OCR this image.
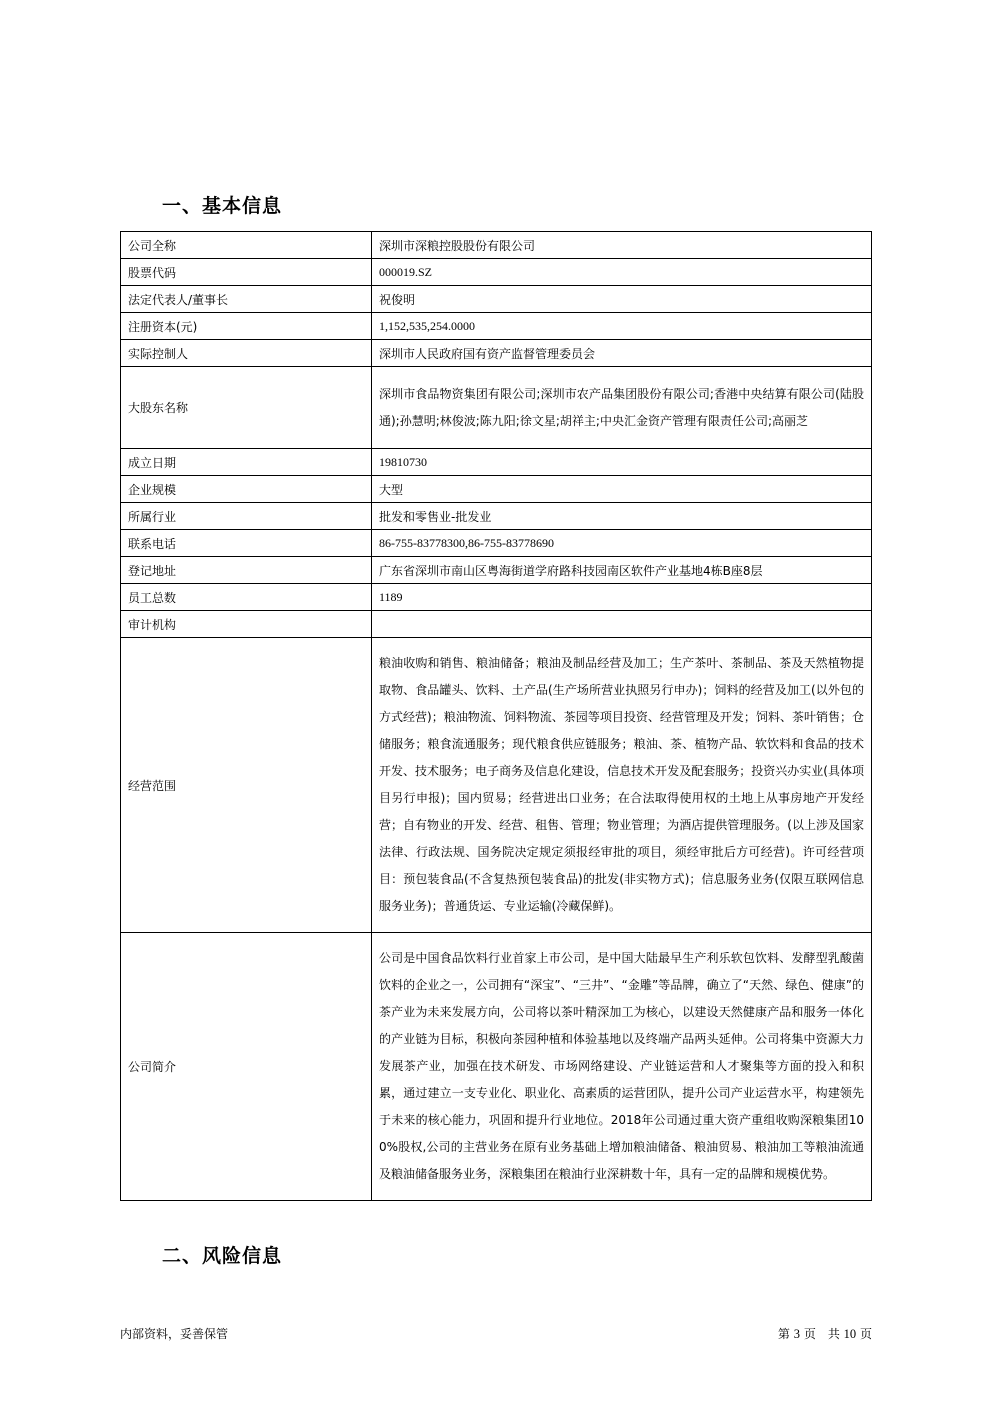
一、基本信息
公司全称	深圳市深粮控股股份有限公司
股票代码	000019.SZ
法定代表人/董事长	祝俊明
注册资本(元)	1,152,535,254.0000
实际控制人	深圳市人民政府国有资产监督管理委员会
大股东名称	深圳市食品物资集团有限公司;深圳市农产品集团股份有限公司;香港中央结算有限公司(陆股通);孙慧明;林俊波;陈九阳;徐文星;胡祥主;中央汇金资产管理有限责任公司;高丽芝
成立日期	19810730
企业规模	大型
所属行业	批发和零售业-批发业
联系电话	86-755-83778300,86-755-83778690
登记地址	广东省深圳市南山区粤海街道学府路科技园南区软件产业基地4栋B座8层
员工总数	1189
审计机构	
经营范围	粮油收购和销售、粮油储备；粮油及制品经营及加工；生产茶叶、茶制品、茶及天然植物提取物、食品罐头、饮料、土产品(生产场所营业执照另行申办)；饲料的经营及加工(以外包的方式经营)；粮油物流、饲料物流、茶园等项目投资、经营管理及开发；饲料、茶叶销售；仓储服务；粮食流通服务；现代粮食供应链服务；粮油、茶、植物产品、软饮料和食品的技术开发、技术服务；电子商务及信息化建设，信息技术开发及配套服务；投资兴办实业(具体项目另行申报)；国内贸易；经营进出口业务；在合法取得使用权的土地上从事房地产开发经营；自有物业的开发、经营、租售、管理；物业管理；为酒店提供管理服务。(以上涉及国家法律、行政法规、国务院决定规定须报经审批的项目，须经审批后方可经营)。许可经营项目：预包装食品(不含复热预包装食品)的批发(非实物方式)；信息服务业务(仅限互联网信息服务业务)；普通货运、专业运输(冷藏保鲜)。
公司简介	公司是中国食品饮料行业首家上市公司，是中国大陆最早生产利乐软包饮料、发酵型乳酸菌饮料的企业之一，公司拥有“深宝”、“三井”、“金雕”等品牌，确立了“天然、绿色、健康”的茶产业为未来发展方向，公司将以茶叶精深加工为核心，以建设天然健康产品和服务一体化的产业链为目标，积极向茶园种植和体验基地以及终端产品两头延伸。公司将集中资源大力发展茶产业，加强在技术研发、市场网络建设、产业链运营和人才聚集等方面的投入和积累，通过建立一支专业化、职业化、高素质的运营团队，提升公司产业运营水平，构建领先于未来的核心能力，巩固和提升行业地位。2018年公司通过重大资产重组收购深粮集团100%股权,公司的主营业务在原有业务基础上增加粮油储备、粮油贸易、粮油加工等粮油流通及粮油储备服务业务，深粮集团在粮油行业深耕数十年，具有一定的品牌和规模优势。
二、风险信息
内部资料，妥善保管	第 3 页　共 10 页
